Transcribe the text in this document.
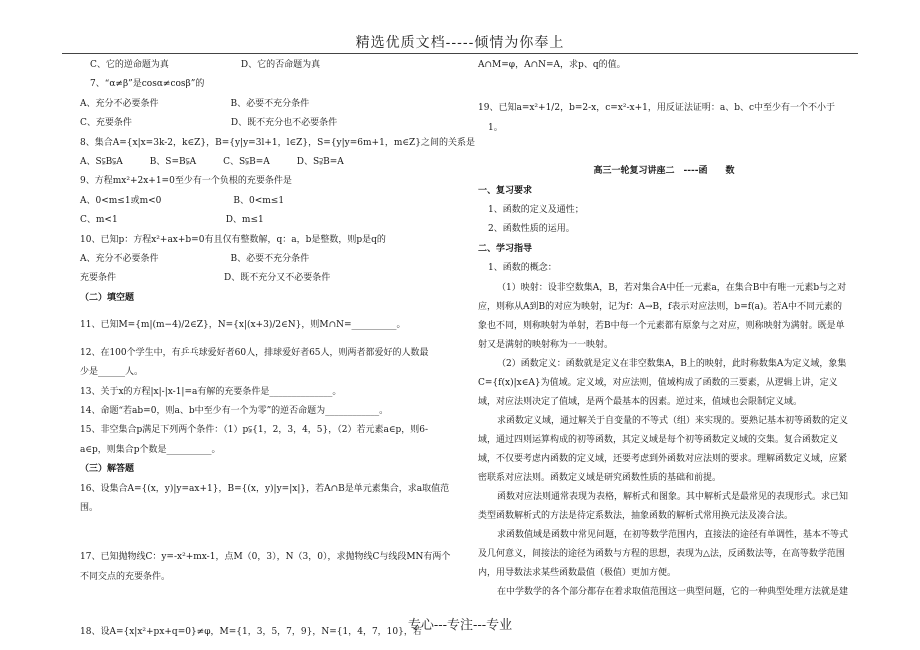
精选优质文档-----倾情为你奉上
C、它的逆命题为真　　　　　　　　D、它的否命题为真
7、“α≠β”是cosα≠cosβ”的
A、充分不必要条件　　　　　　　　B、必要不充分条件
C、充要条件　　　　　　　　　　　D、既不充分也不必要条件
8、集合A={x|x=3k-2，k∈Z}，B={y|y=3l+1，l∈Z}，S={y|y=6m+1，m∈Z}之间的关系是
A、S⫋B⫋A　　　B、S=B⫋A　　　C、S⫋B=A　　　D、S⫌B=A
9、方程mx²+2x+1=0至少有一个负根的充要条件是
A、0<m≤1或m<0　　　　　　　　B、0<m≤1
C、m<1　　　　　　　　　　　　D、m≤1
10、已知p：方程x²+ax+b=0有且仅有整数解，q：a，b是整数，则p是q的
A、充分不必要条件　　　　　　　　B、必要不充分条件
充要条件　　　　　　　　　　　　D、既不充分又不必要条件
（二）填空题
11、已知M={m|(m−4)/2∈Z}，N={x|(x+3)/2∈N}，则M∩N=__________。
12、在100个学生中，有乒乓球爱好者60人，排球爱好者65人，则两者都爱好的人数最
少是______人。
13、关于x的方程|x|-|x-1|=a有解的充要条件是______________。
14、命题“若ab=0，则a、b中至少有一个为零”的逆否命题为____________。
15、非空集合p满足下列两个条件：（1）p⫋{1，2，3，4，5}，（2）若元素a∈p，则6-
a∈p，则集合p个数是__________。
（三）解答题
16、设集合A={(x，y)|y=ax+1}，B={(x，y)|y=|x|}，若A∩B是单元素集合，求a取值范
围。
17、已知抛物线C：y=-x²+mx-1，点M（0，3），N（3，0），求抛物线C与线段MN有两个
不同交点的充要条件。
18、设A={x|x²+px+q=0}≠φ，M={1，3，5，7，9}，N={1，4，7，10}，若
A∩M=φ，A∩N=A，求p、q的值。
19、已知a=x²+1/2，b=2-x，c=x²-x+1，用反证法证明：a、b、c中至少有一个不小于
1。
高三一轮复习讲座二　----函　　数
一、复习要求
1、函数的定义及通性；
2、函数性质的运用。
二、学习指导
1、函数的概念：
（1）映射：设非空数集A，B，若对集合A中任一元素a，在集合B中有唯一元素b与之对应，则称从A到B的对应为映射，记为f：A→B，f表示对应法则，b=f(a)。若A中不同元素的象也不同，则称映射为单射，若B中每一个元素都有原象与之对应，则称映射为满射。既是单射又是满射的映射称为一一映射。
（2）函数定义：函数就是定义在非空数集A，B上的映射，此时称数集A为定义域，象集C={f(x)|x∈A}为值域。定义域，对应法则，值域构成了函数的三要素，从逻辑上讲，定义域，对应法则决定了值域，是两个最基本的因素。逆过来，值域也会限制定义域。
求函数定义域，通过解关于自变量的不等式（组）来实现的。要熟记基本初等函数的定义域，通过四则运算构成的初等函数，其定义域是每个初等函数定义域的交集。复合函数定义域，不仅要考虑内函数的定义域，还要考虑到外函数对应法则的要求。理解函数定义域，应紧密联系对应法则。函数定义域是研究函数性质的基础和前提。
函数对应法则通常表现为表格，解析式和图象。其中解析式是最常见的表现形式。求已知类型函数解析式的方法是待定系数法，抽象函数的解析式常用换元法及凑合法。
求函数值域是函数中常见问题，在初等数学范围内，直接法的途径有单调性，基本不等式及几何意义，间接法的途径为函数与方程的思想，表现为△法，反函数法等，在高等数学范围内，用导数法求某些函数最值（极值）更加方便。
在中学数学的各个部分都存在着求取值范围这一典型问题，它的一种典型处理方法就是建
专心---专注---专业
